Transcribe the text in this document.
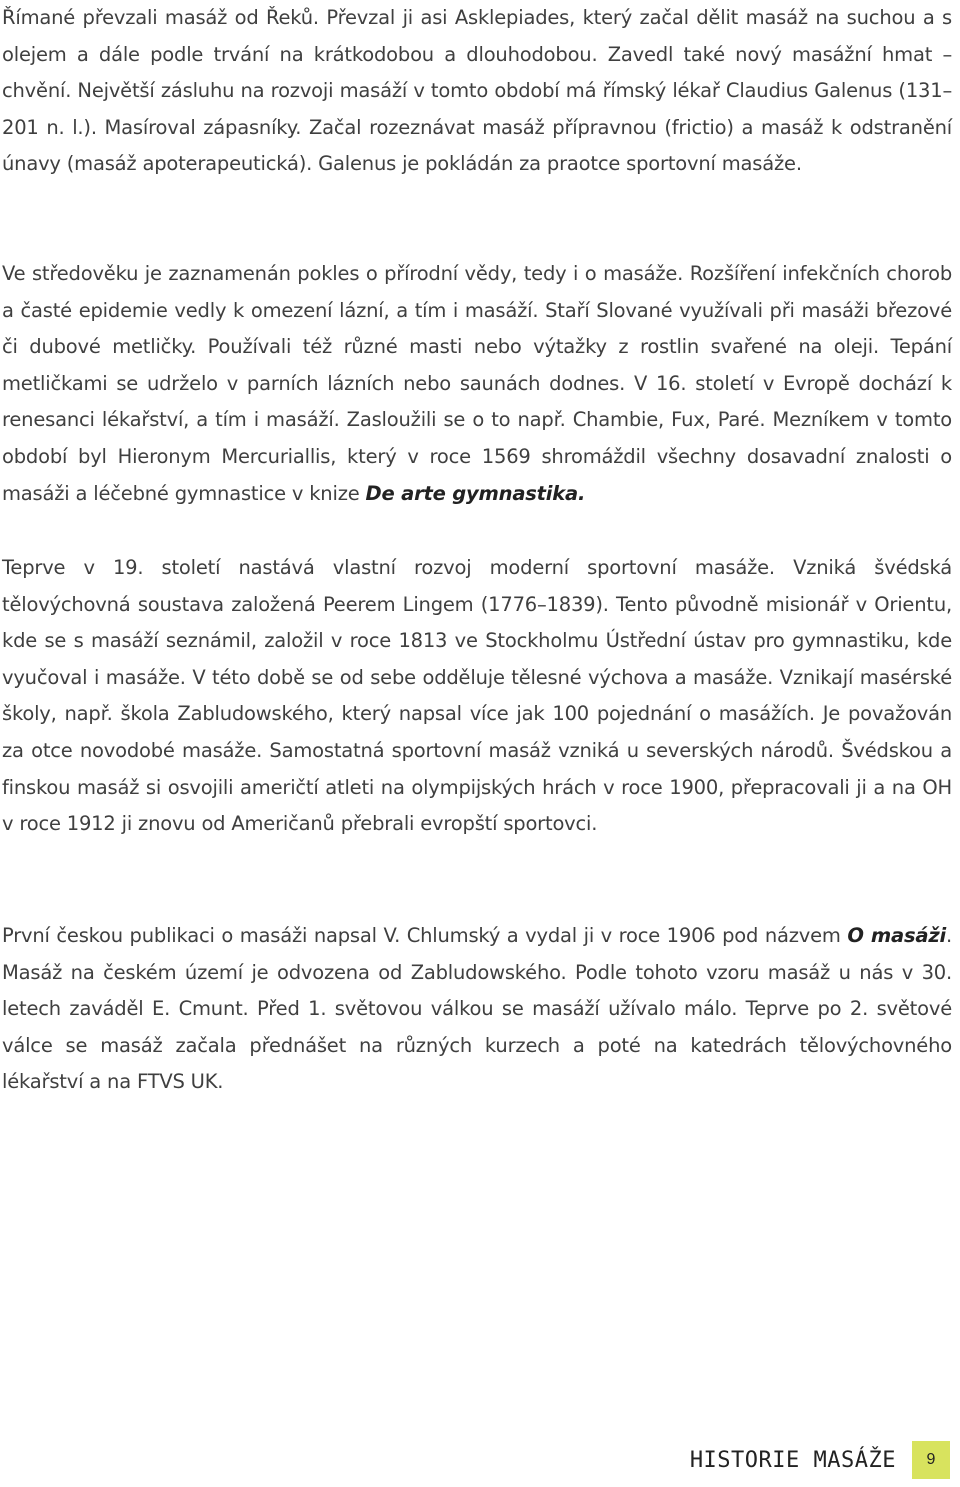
Římané převzali masáž od Řeků. Převzal ji asi Asklepiades, který začal dělit masáž na suchou a s olejem a dále podle trvání na krátkodobou a dlouhodobou. Zavedl také nový masážní hmat – chvění. Největší zásluhu na rozvoji masáží v tomto období má římský lékař Claudius Galenus (131–201 n. l.). Masíroval zápasníky. Začal rozeznávat masáž přípravnou (frictio) a masáž k odstranění únavy (masáž apoterapeutická). Galenus je pokládán za praotce sportovní masáže.

Ve středověku je zaznamenán pokles o přírodní vědy, tedy i o masáže. Rozšíření infekčních chorob a časté epidemie vedly k omezení lázní, a tím i masáží. Staří Slované využívali při masáži březové či dubové metličky. Používali též různé masti nebo výtažky z rostlin svařené na oleji. Tepání metličkami se udrželo v parních lázních nebo saunách dodnes. V 16. století v Evropě dochází k renesanci lékařství, a tím i masáží. Zasloužili se o to např. Chambie, Fux, Paré. Mezníkem v tomto období byl Hieronym Mercuriallis, který v roce 1569 shromáždil všechny dosavadní znalosti o masáži a léčebné gymnastice v knize De arte gymnastika.

Teprve v 19. století nastává vlastní rozvoj moderní sportovní masáže. Vzniká švédská tělovýchovná soustava založená Peerem Lingem (1776–1839). Tento původně misionář v Orientu, kde se s masáží seznámil, založil v roce 1813 ve Stockholmu Ústřední ústav pro gymnastiku, kde vyučoval i masáže. V této době se od sebe odděluje tělesné výchova a masáže. Vznikají masérské školy, např. škola Zabludowského, který napsal více jak 100 pojednání o masážích. Je považován za otce novodobé masáže. Samostatná sportovní masáž vzniká u severských národů. Švédskou a finskou masáž si osvojili američtí atleti na olympijských hrách v roce 1900, přepracovali ji a na OH v roce 1912 ji znovu od Američanů přebrali evropští sportovci.

První českou publikaci o masáži napsal V. Chlumský a vydal ji v roce 1906 pod názvem O masáži. Masáž na českém území je odvozena od Zabludowského. Podle tohoto vzoru masáž u nás v 30. letech zaváděl E. Cmunt. Před 1. světovou válkou se masáží užívalo málo. Teprve po 2. světové válce se masáž začala přednášet na různých kurzech a poté na katedrách tělovýchovného lékařství a na FTVS UK.

HISTORIE MASÁŽE	9
